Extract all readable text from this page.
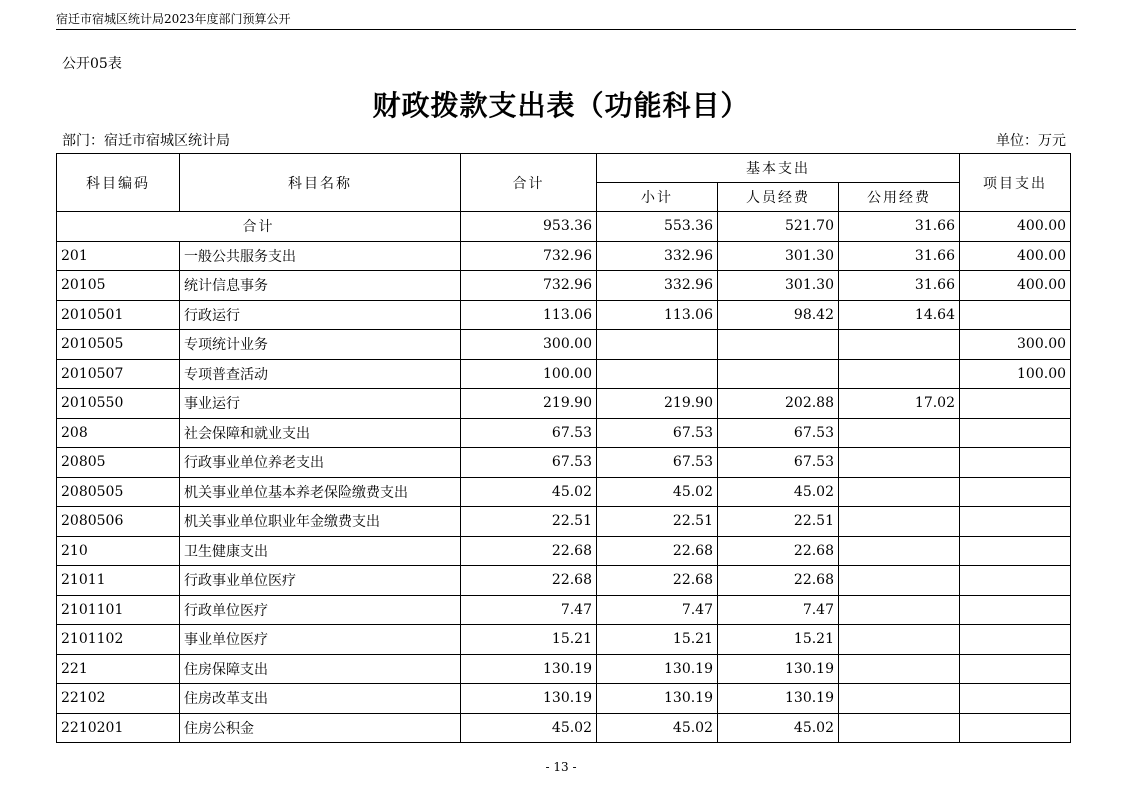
宿迁市宿城区统计局2023年度部门预算公开
公开05表
财政拨款支出表（功能科目）
部门：宿迁市宿城区统计局	单位：万元
科目编码	科目名称	合计	基本支出			项目支出
			小计	人员经费	公用经费	
合计		953.36	553.36	521.70	31.66	400.00
201	一般公共服务支出	732.96	332.96	301.30	31.66	400.00
20105	统计信息事务	732.96	332.96	301.30	31.66	400.00
2010501	行政运行	113.06	113.06	98.42	14.64	
2010505	专项统计业务	300.00				300.00
2010507	专项普查活动	100.00				100.00
2010550	事业运行	219.90	219.90	202.88	17.02	
208	社会保障和就业支出	67.53	67.53	67.53		
20805	行政事业单位养老支出	67.53	67.53	67.53		
2080505	机关事业单位基本养老保险缴费支出	45.02	45.02	45.02		
2080506	机关事业单位职业年金缴费支出	22.51	22.51	22.51		
210	卫生健康支出	22.68	22.68	22.68		
21011	行政事业单位医疗	22.68	22.68	22.68		
2101101	行政单位医疗	7.47	7.47	7.47		
2101102	事业单位医疗	15.21	15.21	15.21		
221	住房保障支出	130.19	130.19	130.19		
22102	住房改革支出	130.19	130.19	130.19		
2210201	住房公积金	45.02	45.02	45.02		
- 13 -
